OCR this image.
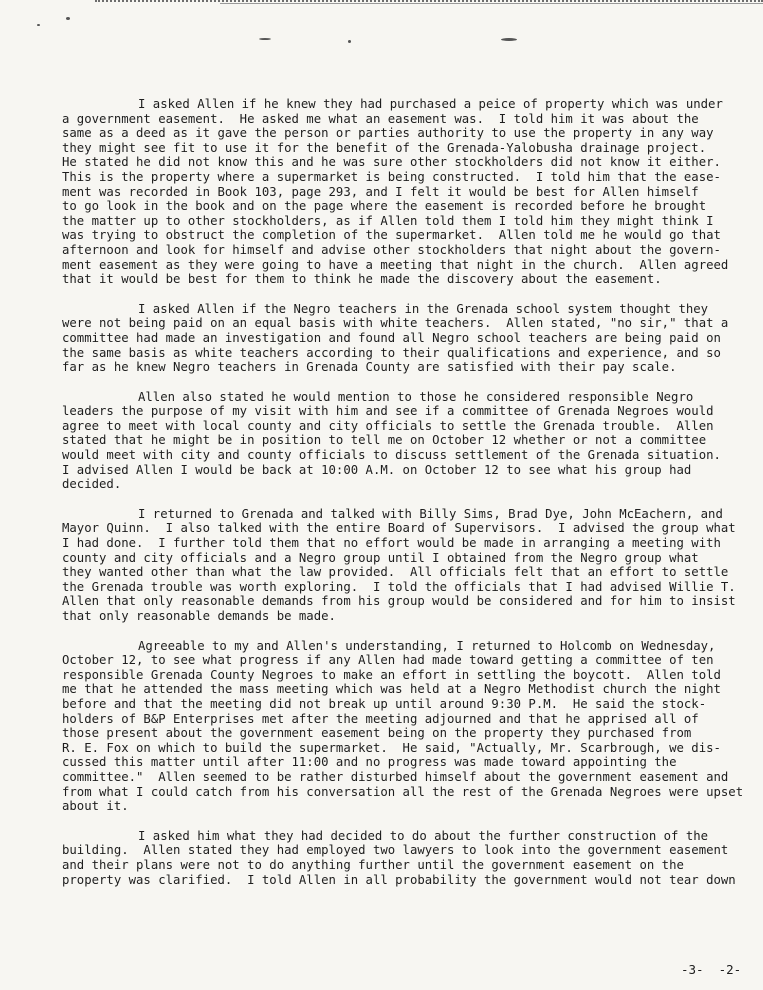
I asked Allen if he knew they had purchased a peice of property which was under
a government easement.  He asked me what an easement was.  I told him it was about the
same as a deed as it gave the person or parties authority to use the property in any way
they might see fit to use it for the benefit of the Grenada-Yalobusha drainage project.
He stated he did not know this and he was sure other stockholders did not know it either.
This is the property where a supermarket is being constructed.  I told him that the ease-
ment was recorded in Book 103, page 293, and I felt it would be best for Allen himself
to go look in the book and on the page where the easement is recorded before he brought
the matter up to other stockholders, as if Allen told them I told him they might think I
was trying to obstruct the completion of the supermarket.  Allen told me he would go that
afternoon and look for himself and advise other stockholders that night about the govern-
ment easement as they were going to have a meeting that night in the church.  Allen agreed
that it would be best for them to think he made the discovery about the easement.
I asked Allen if the Negro teachers in the Grenada school system thought they
were not being paid on an equal basis with white teachers.  Allen stated, "no sir," that a
committee had made an investigation and found all Negro school teachers are being paid on
the same basis as white teachers according to their qualifications and experience, and so
far as he knew Negro teachers in Grenada County are satisfied with their pay scale.
Allen also stated he would mention to those he considered responsible Negro
leaders the purpose of my visit with him and see if a committee of Grenada Negroes would
agree to meet with local county and city officials to settle the Grenada trouble.  Allen
stated that he might be in position to tell me on October 12 whether or not a committee
would meet with city and county officials to discuss settlement of the Grenada situation.
I advised Allen I would be back at 10:00 A.M. on October 12 to see what his group had
decided.
I returned to Grenada and talked with Billy Sims, Brad Dye, John McEachern, and
Mayor Quinn.  I also talked with the entire Board of Supervisors.  I advised the group what
I had done.  I further told them that no effort would be made in arranging a meeting with
county and city officials and a Negro group until I obtained from the Negro group what
they wanted other than what the law provided.  All officials felt that an effort to settle
the Grenada trouble was worth exploring.  I told the officials that I had advised Willie T.
Allen that only reasonable demands from his group would be considered and for him to insist
that only reasonable demands be made.
Agreeable to my and Allen's understanding, I returned to Holcomb on Wednesday,
October 12, to see what progress if any Allen had made toward getting a committee of ten
responsible Grenada County Negroes to make an effort in settling the boycott.  Allen told
me that he attended the mass meeting which was held at a Negro Methodist church the night
before and that the meeting did not break up until around 9:30 P.M.  He said the stock-
holders of B&P Enterprises met after the meeting adjourned and that he apprised all of
those present about the government easement being on the property they purchased from
R. E. Fox on which to build the supermarket.  He said, "Actually, Mr. Scarbrough, we dis-
cussed this matter until after 11:00 and no progress was made toward appointing the
committee."  Allen seemed to be rather disturbed himself about the government easement and
from what I could catch from his conversation all the rest of the Grenada Negroes were upset
about it.
I asked him what they had decided to do about the further construction of the
building.  Allen stated they had employed two lawyers to look into the government easement
and their plans were not to do anything further until the government easement on the
property was clarified.  I told Allen in all probability the government would not tear down
-3-  -2-
